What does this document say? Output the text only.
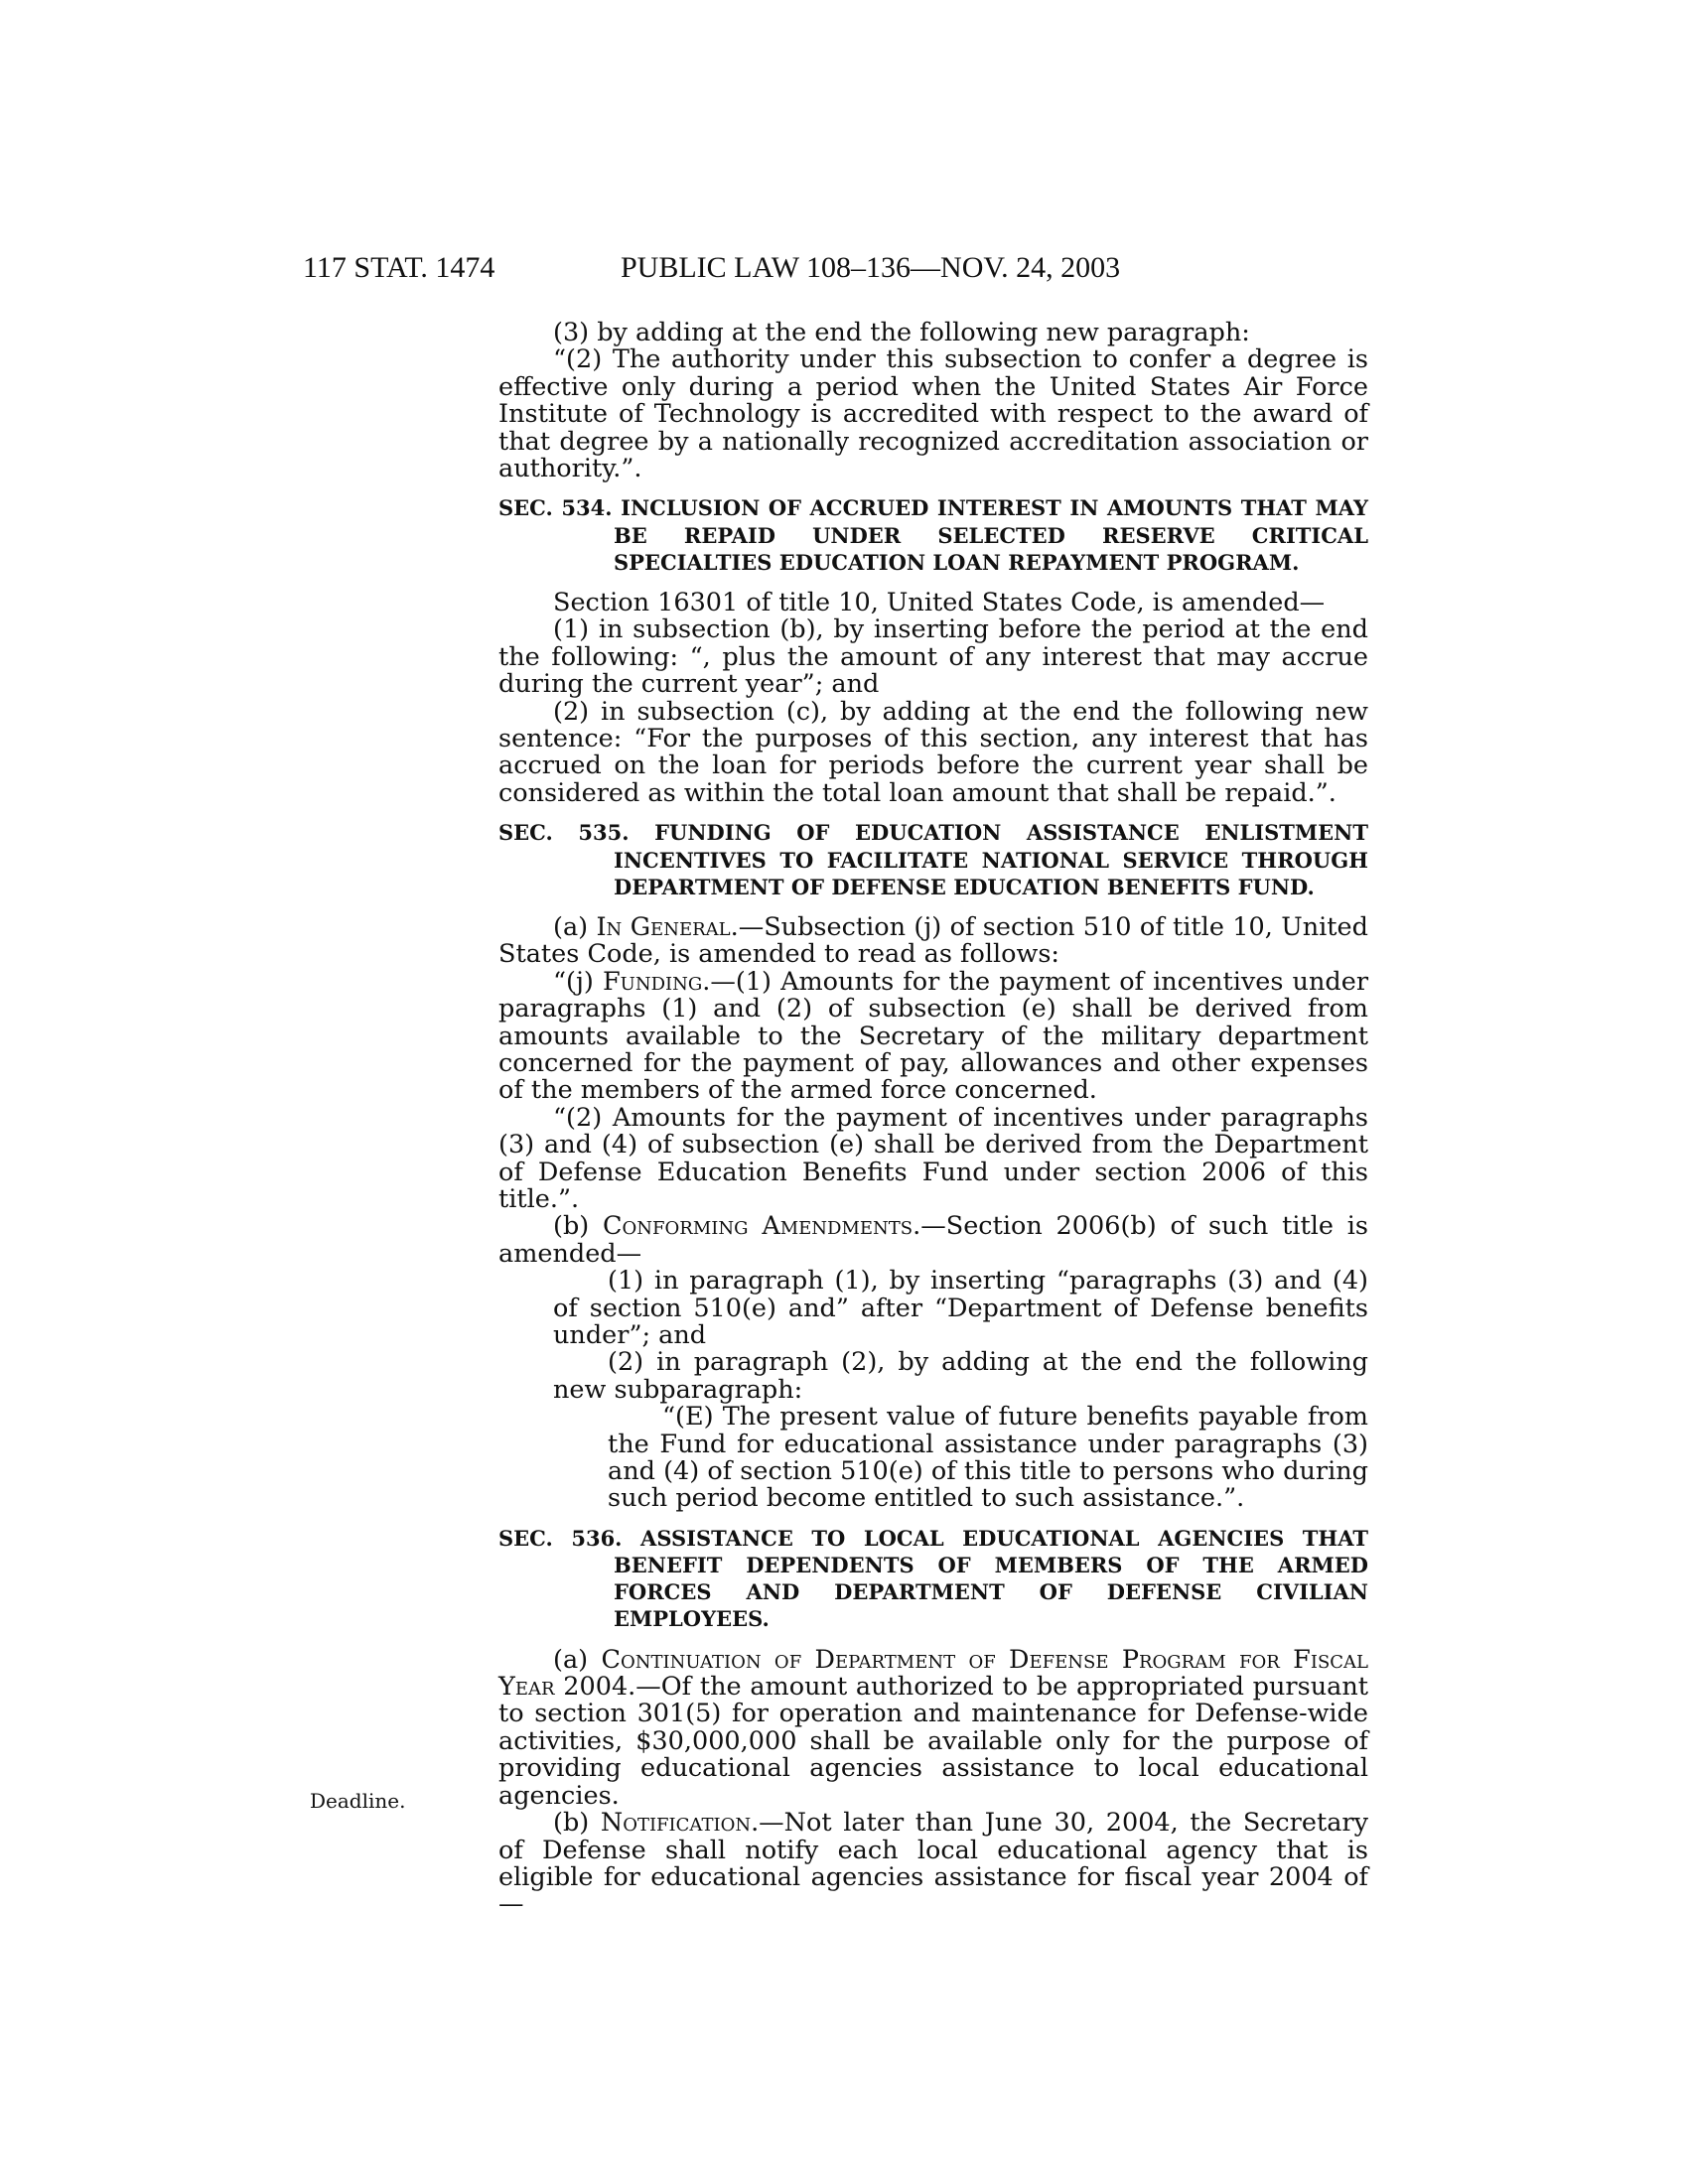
117 STAT. 1474	PUBLIC LAW 108–136—NOV. 24, 2003
Deadline.

(3) by adding at the end the following new paragraph:

“(2) The authority under this subsection to confer a degree is effective only during a period when the United States Air Force Institute of Technology is accredited with respect to the award of that degree by a nationally recognized accreditation association or authority.”.

SEC. 534. INCLUSION OF ACCRUED INTEREST IN AMOUNTS THAT MAY BE REPAID UNDER SELECTED RESERVE CRITICAL SPECIALTIES EDUCATION LOAN REPAYMENT PROGRAM.

Section 16301 of title 10, United States Code, is amended—

(1) in subsection (b), by inserting before the period at the end the following: “, plus the amount of any interest that may accrue during the current year”; and

(2) in subsection (c), by adding at the end the following new sentence: “For the purposes of this section, any interest that has accrued on the loan for periods before the current year shall be considered as within the total loan amount that shall be repaid.”.

SEC. 535. FUNDING OF EDUCATION ASSISTANCE ENLISTMENT INCENTIVES TO FACILITATE NATIONAL SERVICE THROUGH DEPARTMENT OF DEFENSE EDUCATION BENEFITS FUND.

(a) In General.—Subsection (j) of section 510 of title 10, United States Code, is amended to read as follows:

“(j) Funding.—(1) Amounts for the payment of incentives under paragraphs (1) and (2) of subsection (e) shall be derived from amounts available to the Secretary of the military department concerned for the payment of pay, allowances and other expenses of the members of the armed force concerned.

“(2) Amounts for the payment of incentives under paragraphs (3) and (4) of subsection (e) shall be derived from the Department of Defense Education Benefits Fund under section 2006 of this title.”.

(b) Conforming Amendments.—Section 2006(b) of such title is amended—

(1) in paragraph (1), by inserting “paragraphs (3) and (4) of section 510(e) and” after “Department of Defense benefits under”; and

(2) in paragraph (2), by adding at the end the following new subparagraph:

“(E) The present value of future benefits payable from the Fund for educational assistance under paragraphs (3) and (4) of section 510(e) of this title to persons who during such period become entitled to such assistance.”.

SEC. 536. ASSISTANCE TO LOCAL EDUCATIONAL AGENCIES THAT BENEFIT DEPENDENTS OF MEMBERS OF THE ARMED FORCES AND DEPARTMENT OF DEFENSE CIVILIAN EMPLOYEES.

(a) Continuation of Department of Defense Program for Fiscal Year 2004.—Of the amount authorized to be appropriated pursuant to section 301(5) for operation and maintenance for Defense-wide activities, $30,000,000 shall be available only for the purpose of providing educational agencies assistance to local educational agencies.

(b) Notification.—Not later than June 30, 2004, the Secretary of Defense shall notify each local educational agency that is eligible for educational agencies assistance for fiscal year 2004 of—
